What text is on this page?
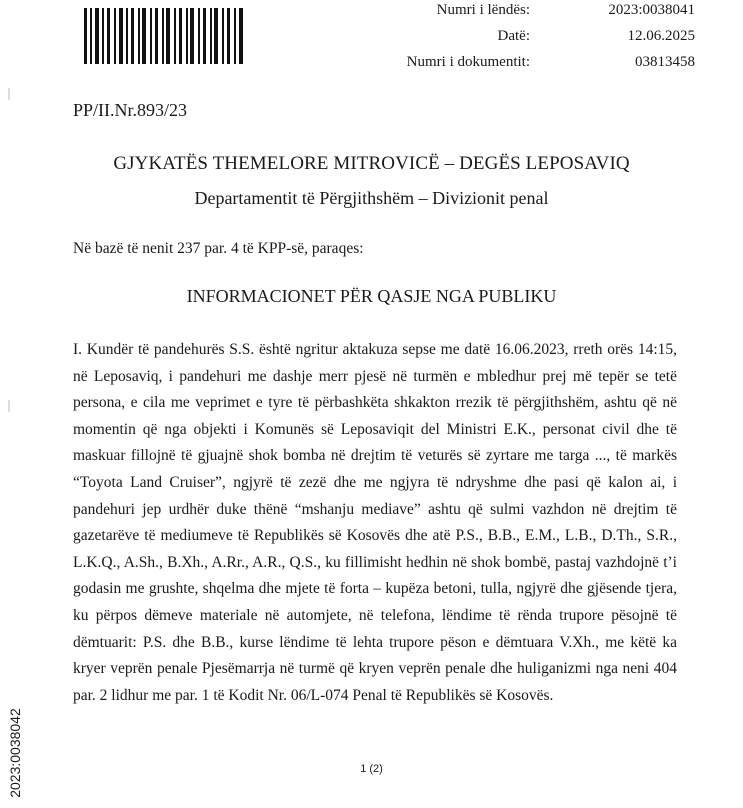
Numri i lëndës:	2023:0038041
Datë:	12.06.2025
Numri i dokumentit:	03813458
PP/II.Nr.893/23
GJYKATËS THEMELORE MITROVICË – DEGËS LEPOSAVIQ
Departamentit të Përgjithshëm – Divizionit penal
Në bazë të nenit 237 par. 4 të KPP-së, paraqes:
INFORMACIONET PËR QASJE NGA PUBLIKU

I. Kundër të pandehurës S.S. është ngritur aktakuza sepse me datë 16.06.2023, rreth orës 14:15, në Leposaviq, i pandehuri me dashje merr pjesë në turmën e mbledhur prej më tepër se tetë persona, e cila me veprimet e tyre të përbashkëta shkakton rrezik të përgjithshëm, ashtu që në momentin që nga objekti i Komunës së Leposaviqit del Ministri E.K., personat civil dhe të maskuar fillojnë të gjuajnë shok bomba në drejtim të veturës së zyrtare me targa ..., të markës “Toyota Land Cruiser”, ngjyrë të zezë dhe me ngjyra të ndryshme dhe pasi që kalon ai, i pandehuri jep urdhër duke thënë “mshanju mediave” ashtu që sulmi vazhdon në drejtim të gazetarëve të mediumeve të Republikës së Kosovës dhe atë P.S., B.B., E.M., L.B., D.Th., S.R., L.K.Q., A.Sh., B.Xh., A.Rr., A.R., Q.S., ku fillimisht hedhin në shok bombë, pastaj vazhdojnë t’i godasin me grushte, shqelma dhe mjete të forta – kupëza betoni, tulla, ngjyrë dhe gjësende tjera, ku përpos dëmeve materiale në automjete, në telefona, lëndime të rënda trupore pësojnë të dëmtuarit: P.S. dhe B.B., kurse lëndime të lehta trupore pëson e dëmtuara V.Xh., me këtë ka kryer veprën penale Pjesëmarrja në turmë që kryen veprën penale dhe huliganizmi nga neni 404 par. 2 lidhur me par. 1 të Kodit Nr. 06/L-074 Penal të Republikës së Kosovës.

1 (2)
2023:0038042
